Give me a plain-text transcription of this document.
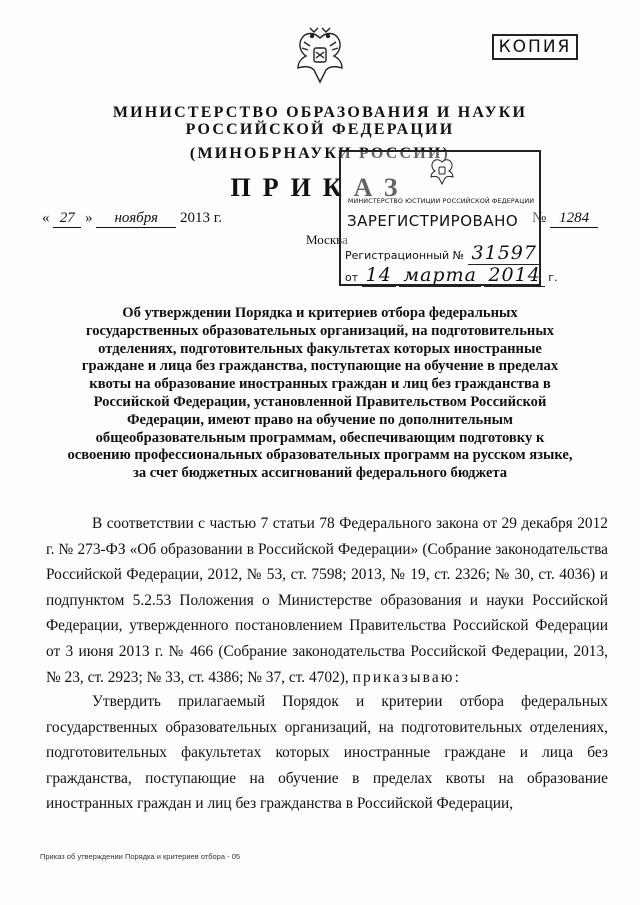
КОПИЯ
МИНИСТЕРСТВО ОБРАЗОВАНИЯ И НАУКИ
РОССИЙСКОЙ ФЕДЕРАЦИИ
(МИНОБРНАУКИ РОССИИ)
ПРИКАЗ
« 27 » ноября 2013 г.	№ 1284
Москва
МИНИСТЕРСТВО ЮСТИЦИИ РОССИЙСКОЙ ФЕДЕРАЦИИ
ЗАРЕГИСТРИРОВАНО
Регистрационный № 31597
от 14 марта 2014 г.
Об утверждении Порядка и критериев отбора федеральных государственных образовательных организаций, на подготовительных отделениях, подготовительных факультетах которых иностранные граждане и лица без гражданства, поступающие на обучение в пределах квоты на образование иностранных граждан и лиц без гражданства в Российской Федерации, установленной Правительством Российской Федерации, имеют право на обучение по дополнительным общеобразовательным программам, обеспечивающим подготовку к освоению профессиональных образовательных программ на русском языке, за счет бюджетных ассигнований федерального бюджета
В соответствии с частью 7 статьи 78 Федерального закона от 29 декабря 2012 г. № 273-ФЗ «Об образовании в Российской Федерации» (Собрание законодательства Российской Федерации, 2012, № 53, ст. 7598; 2013, № 19, ст. 2326; № 30, ст. 4036) и подпунктом 5.2.53 Положения о Министерстве образования и науки Российской Федерации, утвержденного постановлением Правительства Российской Федерации от 3 июня 2013 г. № 466 (Собрание законодательства Российской Федерации, 2013, № 23, ст. 2923; № 33, ст. 4386; № 37, ст. 4702), приказываю:
Утвердить прилагаемый Порядок и критерии отбора федеральных государственных образовательных организаций, на подготовительных отделениях, подготовительных факультетах которых иностранные граждане и лица без гражданства, поступающие на обучение в пределах квоты на образование иностранных граждан и лиц без гражданства в Российской Федерации,
Приказ об утверждении Порядка и критериев отбора - 05
